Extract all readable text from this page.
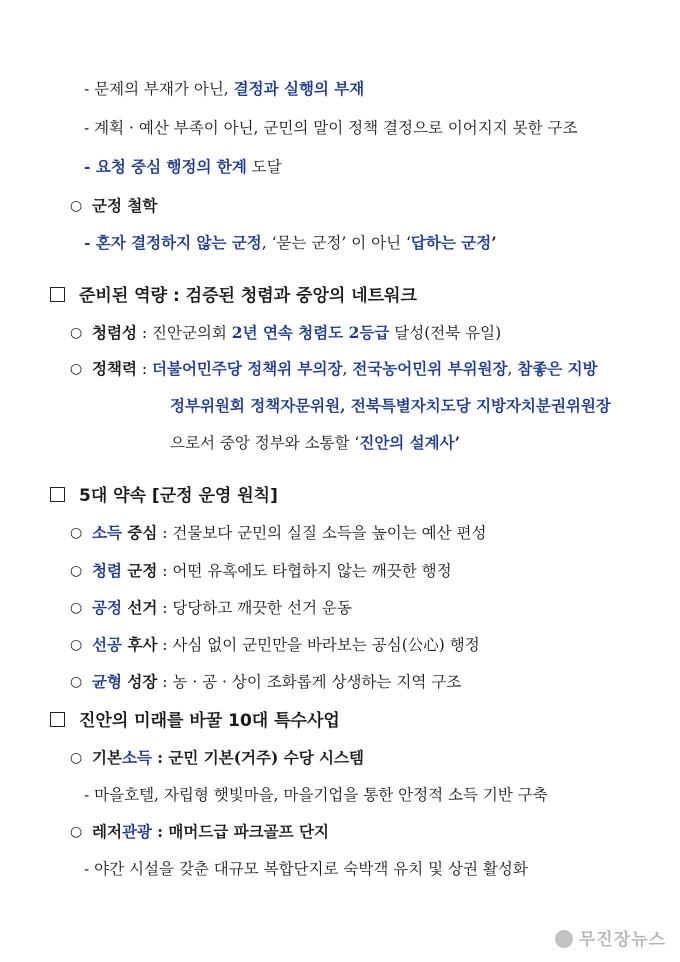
- 문제의 부재가 아닌, 결정과 실행의 부재
- 계획 · 예산 부족이 아닌, 군민의 말이 정책 결정으로 이어지지 못한 구조
- 요청 중심 행정의 한계 도달
○ 군정 철학
- 혼자 결정하지 않는 군정, ‘묻는 군정’ 이 아닌 ‘답하는 군정’
준비된 역량 : 검증된 청렴과 중앙의 네트워크
○ 청렴성 : 진안군의회 2년 연속 청렴도 2등급 달성(전북 유일)
○ 정책력 : 더불어민주당 정책위 부의장, 전국농어민위 부위원장, 참좋은 지방
정부위원회 정책자문위원, 전북특별자치도당 지방자치분권위원장
으로서 중앙 정부와 소통할 ‘진안의 설계사’
5대 약속 [군정 운영 원칙]
○ 소득 중심 : 건물보다 군민의 실질 소득을 높이는 예산 편성
○ 청렴 군정 : 어떤 유혹에도 타협하지 않는 깨끗한 행정
○ 공정 선거 : 당당하고 깨끗한 선거 운동
○ 선공 후사 : 사심 없이 군민만을 바라보는 공심(公心) 행정
○ 균형 성장 : 농 · 공 · 상이 조화롭게 상생하는 지역 구조
진안의 미래를 바꿀 10대 특수사업
○ 기본소득 : 군민 기본(거주) 수당 시스템
- 마을호텔, 자립형 햇빛마을, 마을기업을 통한 안정적 소득 기반 구축
○ 레저관광 : 매머드급 파크골프 단지
- 야간 시설을 갖춘 대규모 복합단지로 숙박객 유치 및 상권 활성화
무진장뉴스
